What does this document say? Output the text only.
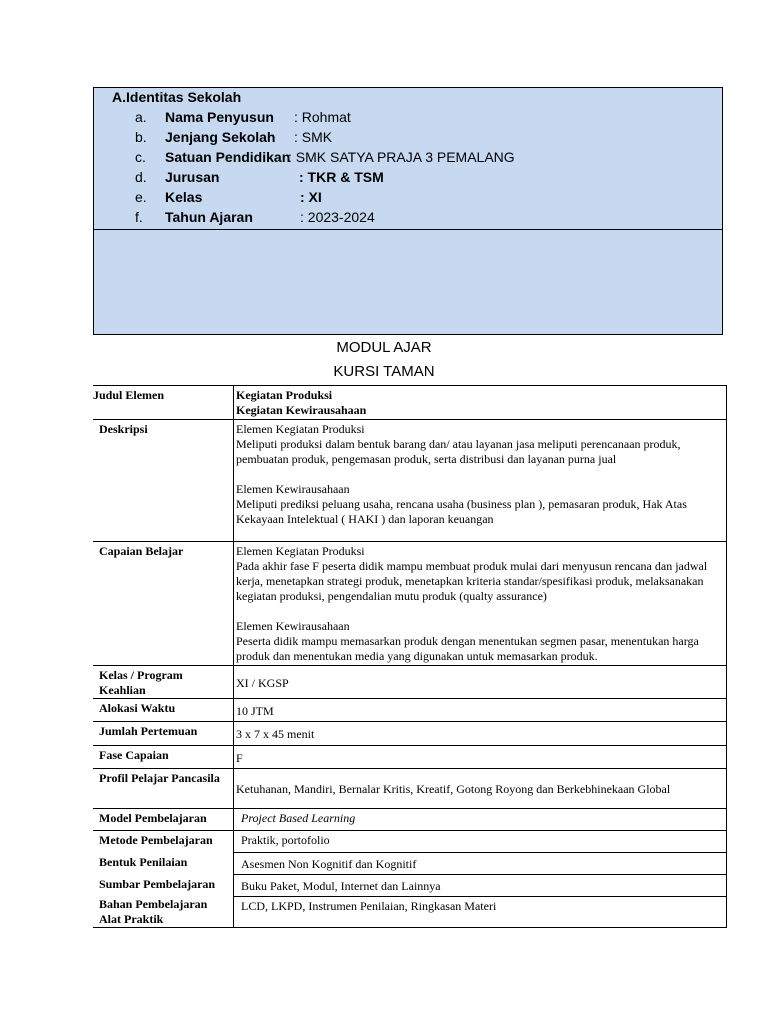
A.Identitas Sekolah
a. Nama Penyusun : Rohmat
b. Jenjang Sekolah : SMK
c. Satuan Pendidikan
: SMK SATYA PRAJA 3 PEMALANG
d. Jurusan	: TKR & TSM
e. Kelas	: XI
f. Tahun Ajaran	: 2023-2024
MODUL AJAR
KURSI TAMAN
Judul Elemen	Kegiatan Produksi
Kegiatan Kewirausahaan

Deskripsi	Elemen Kegiatan Produksi
Meliputi produksi dalam bentuk barang dan/ atau layanan jasa meliputi perencanaan produk, pembuatan produk, pengemasan produk, serta distribusi dan layanan purna jual
Elemen Kewirausahaan
Meliputi prediksi peluang usaha, rencana usaha (business plan ), pemasaran produk, Hak Atas Kekayaan Intelektual ( HAKI ) dan laporan keuangan

Capaian Belajar	Elemen Kegiatan Produksi
Pada akhir fase F peserta didik mampu membuat produk mulai dari menyusun rencana dan jadwal kerja, menetapkan strategi produk, menetapkan kriteria standar/spesifikasi produk, melaksanakan kegiatan produksi, pengendalian mutu produk (qualty assurance)
Elemen Kewirausahaan
Peserta didik mampu memasarkan produk dengan menentukan segmen pasar, menentukan harga produk dan menentukan media yang digunakan untuk memasarkan produk.

Kelas / Program Keahlian	XI / KGSP
Alokasi Waktu	10 JTM
Jumlah Pertemuan	3 x 7 x 45 menit
Fase Capaian	F
Profil Pelajar Pancasila	Ketuhanan, Mandiri, Bernalar Kritis, Kreatif, Gotong Royong dan Berkebhinekaan Global
Model Pembelajaran	Project Based Learning
Metode Pembelajaran	Praktik, portofolio
Bentuk Penilaian	Asesmen Non Kognitif dan Kognitif
Sumbar Pembelajaran	Buku Paket, Modul, Internet dan Lainnya

Bahan Pembelajaran
Alat Praktik	LCD, LKPD, Instrumen Penilaian, Ringkasan Materi
